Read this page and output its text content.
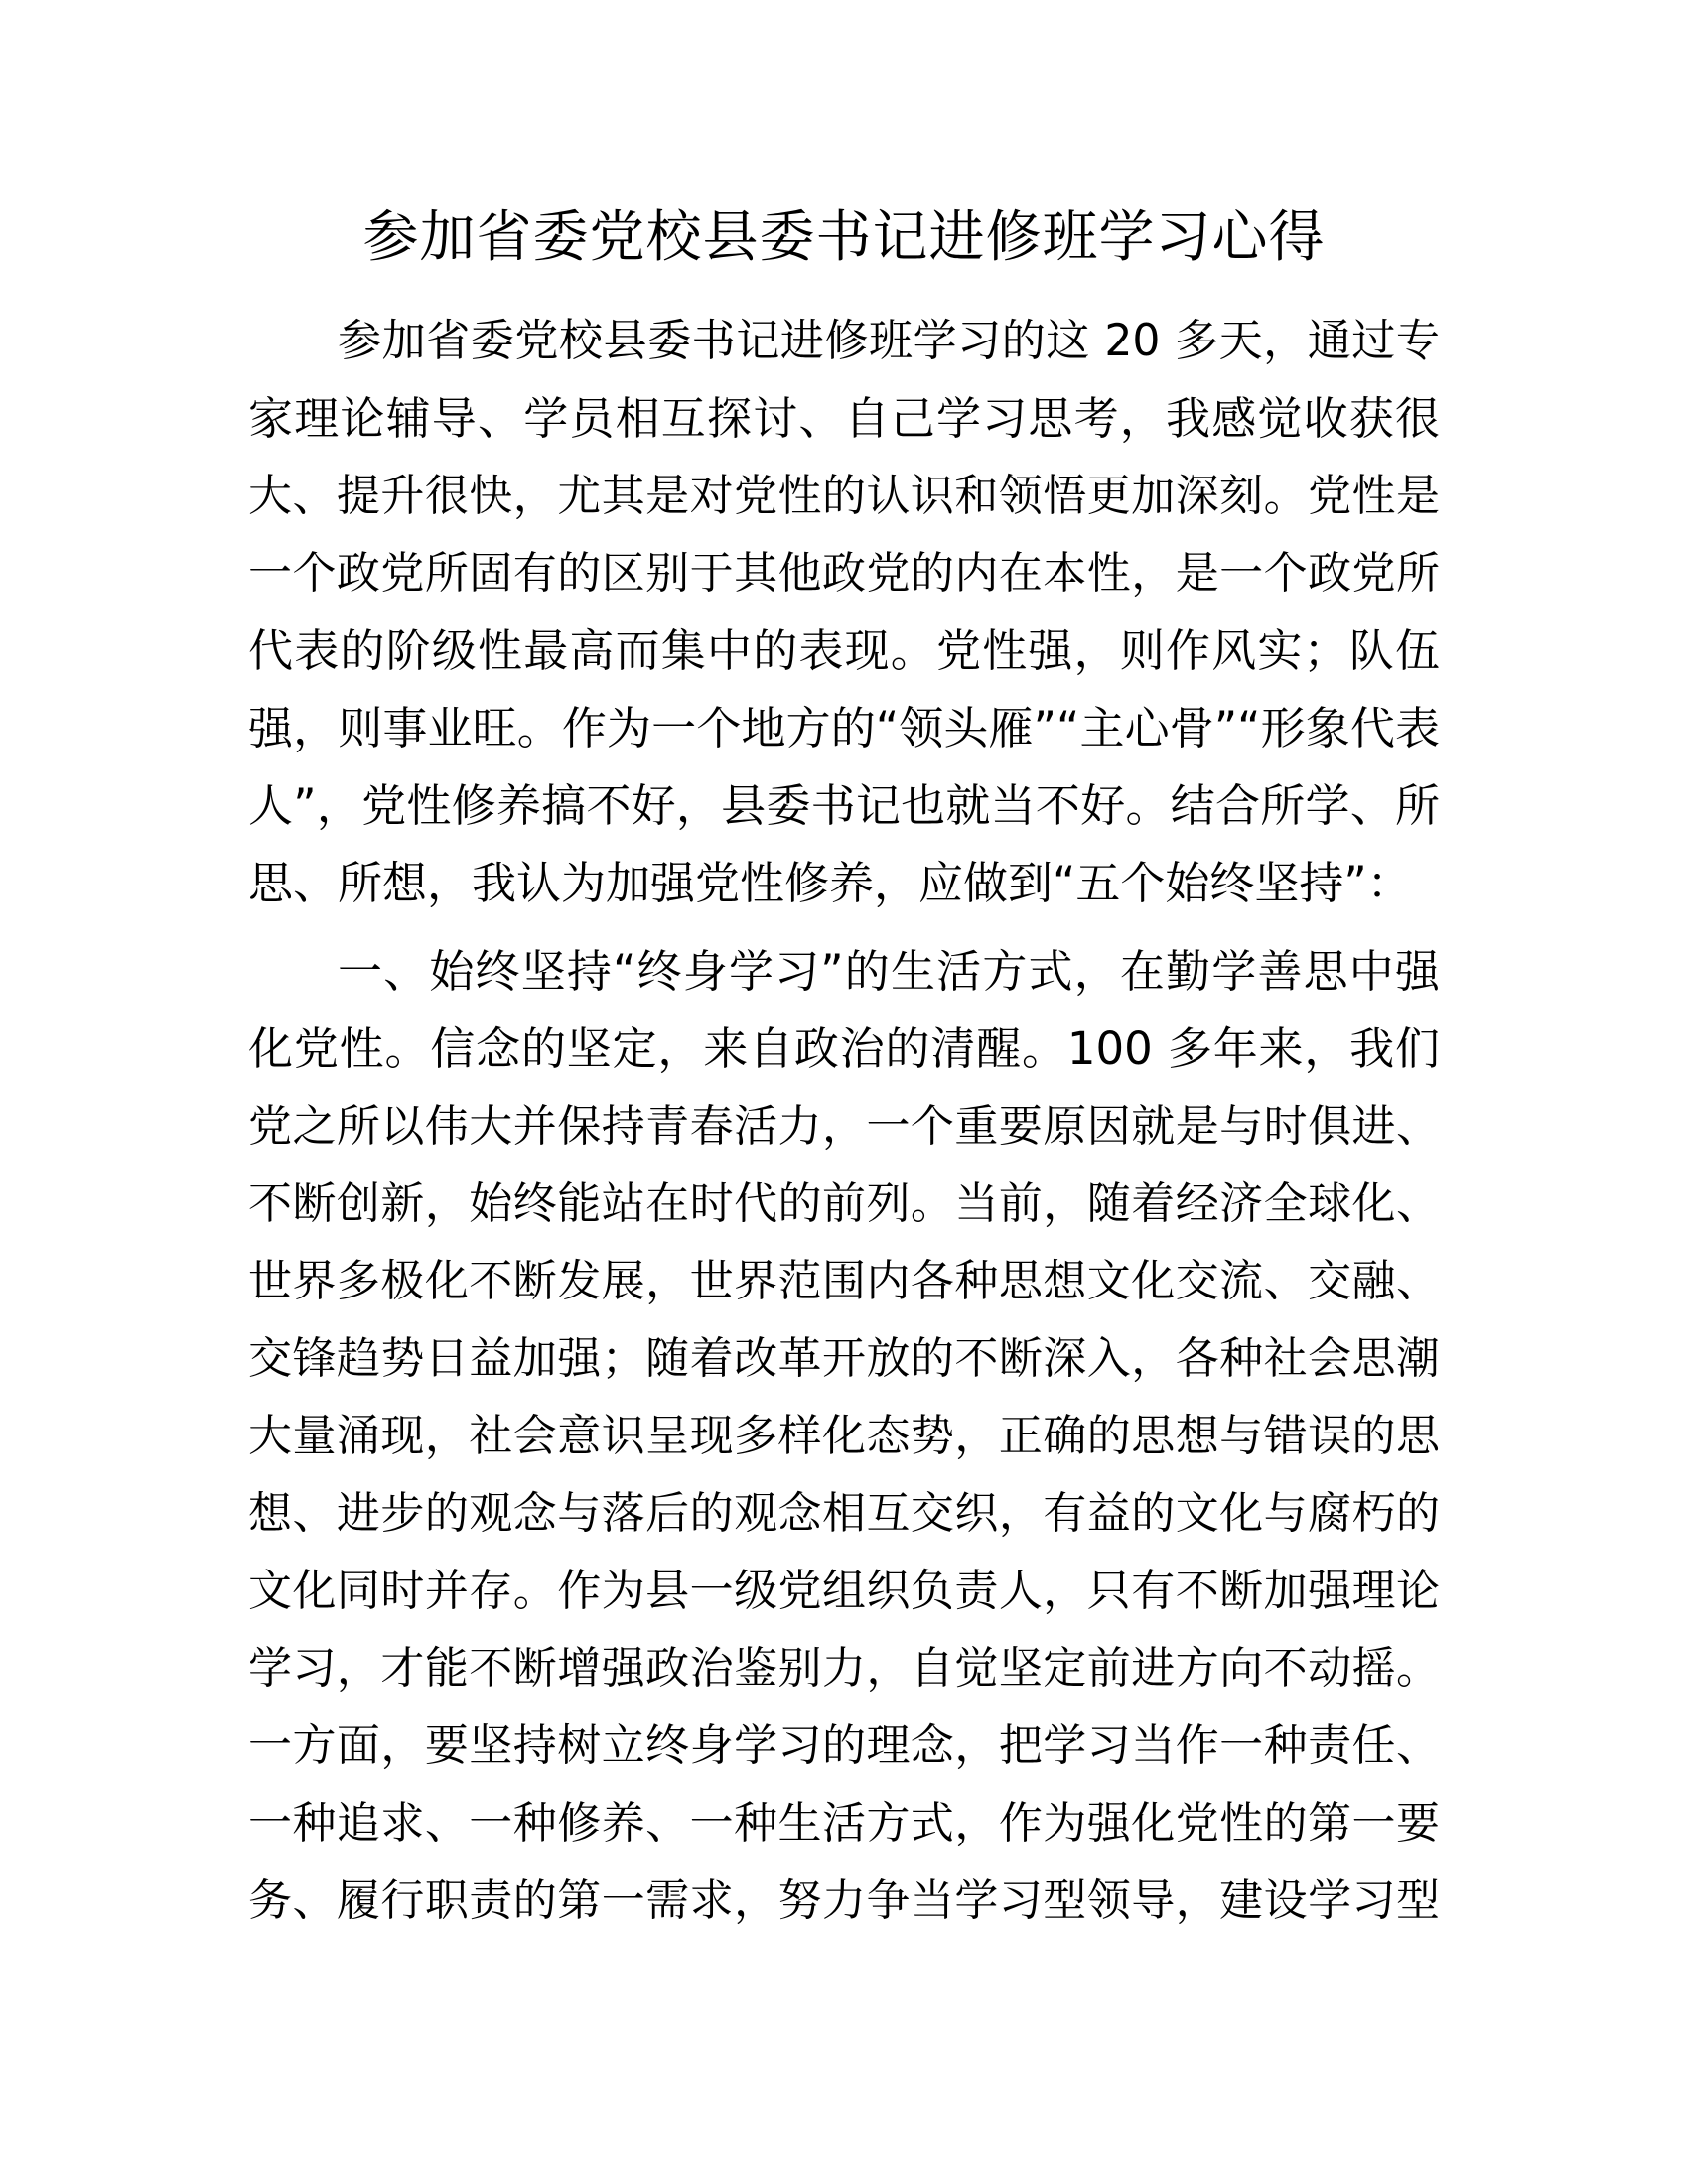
参加省委党校县委书记进修班学习心得
参加省委党校县委书记进修班学习的这 20 多天，通过专
家理论辅导、学员相互探讨、自己学习思考，我感觉收获很
大、提升很快，尤其是对党性的认识和领悟更加深刻。党性是
一个政党所固有的区别于其他政党的内在本性，是一个政党所
代表的阶级性最高而集中的表现。党性强，则作风实；队伍
强，则事业旺。作为一个地方的“领头雁”“主心骨”“形象代表
人”，党性修养搞不好，县委书记也就当不好。结合所学、所
思、所想，我认为加强党性修养，应做到“五个始终坚持”：
一、始终坚持“终身学习”的生活方式，在勤学善思中强
化党性。信念的坚定，来自政治的清醒。100 多年来，我们
党之所以伟大并保持青春活力，一个重要原因就是与时俱进、
不断创新，始终能站在时代的前列。当前，随着经济全球化、
世界多极化不断发展，世界范围内各种思想文化交流、交融、
交锋趋势日益加强；随着改革开放的不断深入，各种社会思潮
大量涌现，社会意识呈现多样化态势，正确的思想与错误的思
想、进步的观念与落后的观念相互交织，有益的文化与腐朽的
文化同时并存。作为县一级党组织负责人，只有不断加强理论
学习，才能不断增强政治鉴别力，自觉坚定前进方向不动摇。
一方面，要坚持树立终身学习的理念，把学习当作一种责任、
一种追求、一种修养、一种生活方式，作为强化党性的第一要
务、履行职责的第一需求，努力争当学习型领导，建设学习型
